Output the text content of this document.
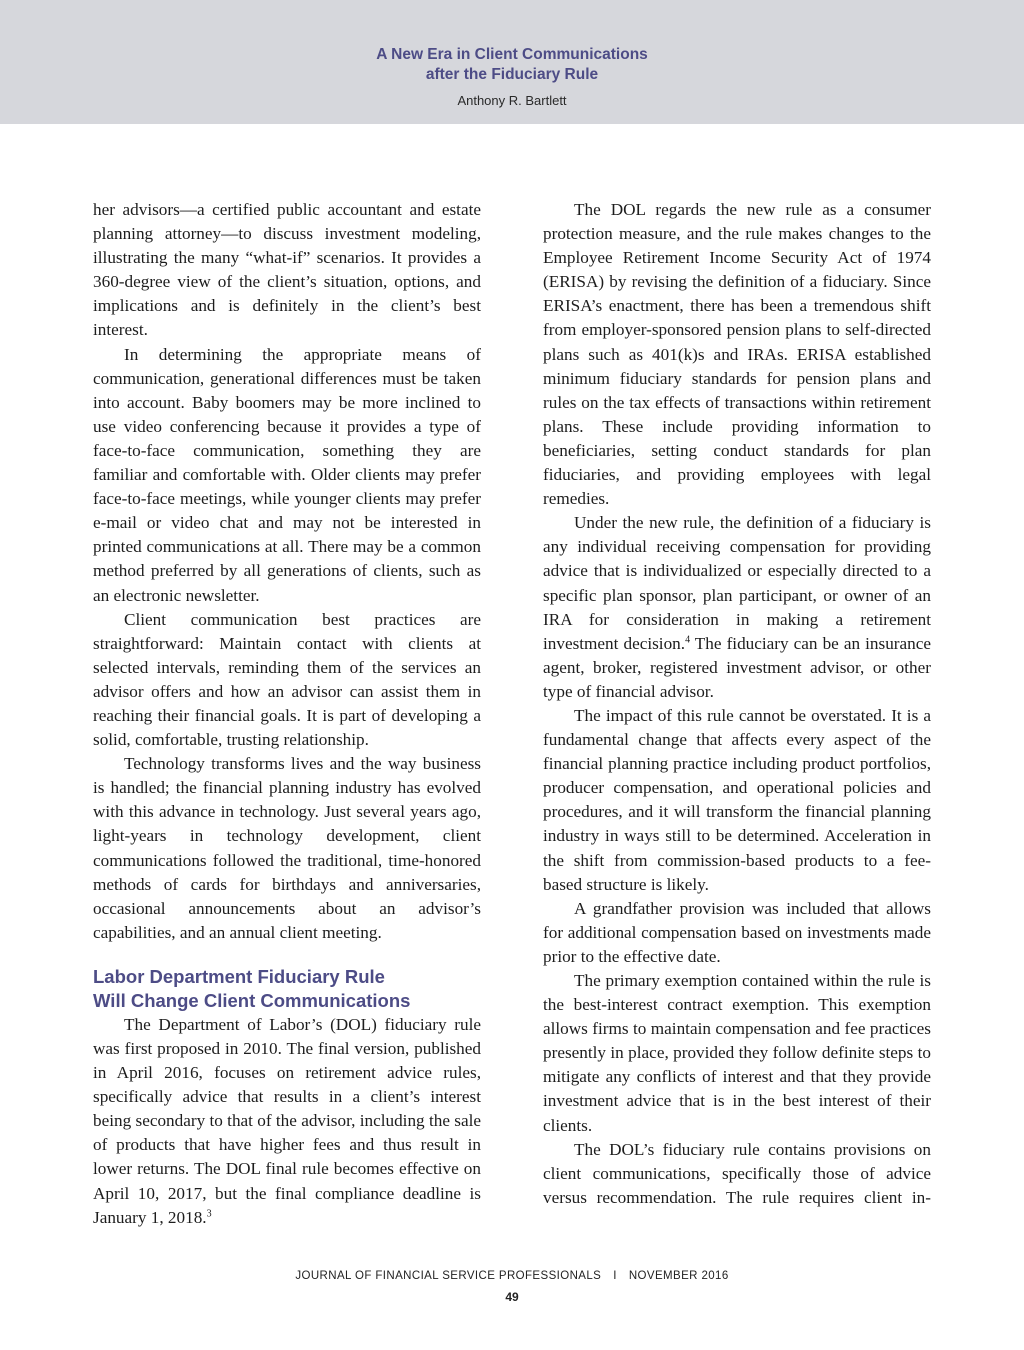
A New Era in Client Communications
after the Fiduciary Rule
Anthony R. Bartlett

her advisors—a certified public accountant and estate planning attorney—to discuss investment modeling, illustrating the many “what-if” scenarios. It provides a 360-degree view of the client’s situation, options, and implications and is definitely in the client’s best interest.

In determining the appropriate means of communication, generational differences must be taken into account. Baby boomers may be more inclined to use video conferencing because it provides a type of face-to-face communication, something they are familiar and comfortable with. Older clients may prefer face-to-face meetings, while younger clients may prefer e-mail or video chat and may not be interested in printed communications at all. There may be a common method preferred by all generations of clients, such as an electronic newsletter.

Client communication best practices are straightforward: Maintain contact with clients at selected intervals, reminding them of the services an advisor offers and how an advisor can assist them in reaching their financial goals. It is part of developing a solid, comfortable, trusting relationship.

Technology transforms lives and the way business is handled; the financial planning industry has evolved with this advance in technology. Just several years ago, light-years in technology development, client communications followed the traditional, time-honored methods of cards for birthdays and anniversaries, occasional announcements about an advisor’s capabilities, and an annual client meeting.

Labor Department Fiduciary Rule
Will Change Client Communications

The Department of Labor’s (DOL) fiduciary rule was first proposed in 2010. The final version, published in April 2016, focuses on retirement advice rules, specifically advice that results in a client’s interest being secondary to that of the advisor, including the sale of products that have higher fees and thus result in lower returns. The DOL final rule becomes effective on April 10, 2017, but the final compliance deadline is January 1, 2018.$^3$

The DOL regards the new rule as a consumer protection measure, and the rule makes changes to the Employee Retirement Income Security Act of 1974 (ERISA) by revising the definition of a fiduciary. Since ERISA’s enactment, there has been a tremendous shift from employer-sponsored pension plans to self-directed plans such as 401(k)s and IRAs. ERISA established minimum fiduciary standards for pension plans and rules on the tax effects of transactions within retirement plans. These include providing information to beneficiaries, setting conduct standards for plan fiduciaries, and providing employees with legal remedies.

Under the new rule, the definition of a fiduciary is any individual receiving compensation for providing advice that is individualized or especially directed to a specific plan sponsor, plan participant, or owner of an IRA for consideration in making a retirement investment decision.$^4$ The fiduciary can be an insurance agent, broker, registered investment advisor, or other type of financial advisor.

The impact of this rule cannot be overstated. It is a fundamental change that affects every aspect of the financial planning practice including product portfolios, producer compensation, and operational policies and procedures, and it will transform the financial planning industry in ways still to be determined. Acceleration in the shift from commission-based products to a fee-based structure is likely.

A grandfather provision was included that allows for additional compensation based on investments made prior to the effective date.

The primary exemption contained within the rule is the best-interest contract exemption. This exemption allows firms to maintain compensation and fee practices presently in place, provided they follow definite steps to mitigate any conflicts of interest and that they provide investment advice that is in the best interest of their clients.

The DOL’s fiduciary rule contains provisions on client communications, specifically those of advice versus recommendation. The rule requires client in-

JOURNAL OF FINANCIAL SERVICE PROFESSIONALS I NOVEMBER 2016
49
